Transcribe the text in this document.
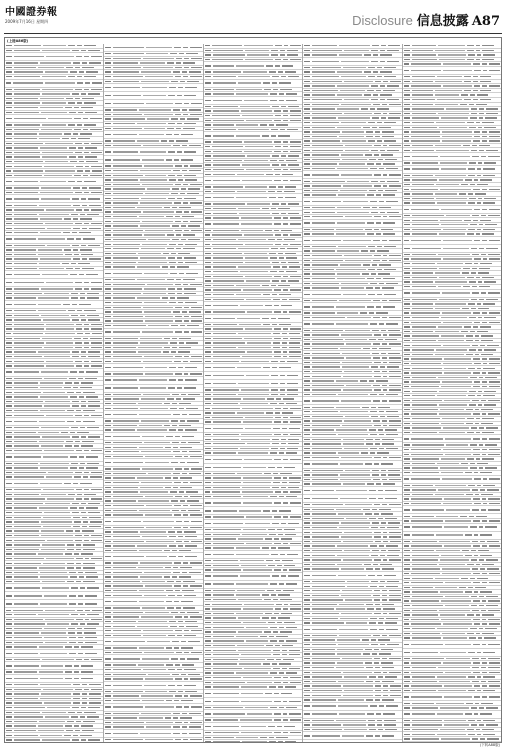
中國證券報
2009年7月16日 星期四	Disclosure 信息披露 A87
(上接A86版)
(下转A88版)
